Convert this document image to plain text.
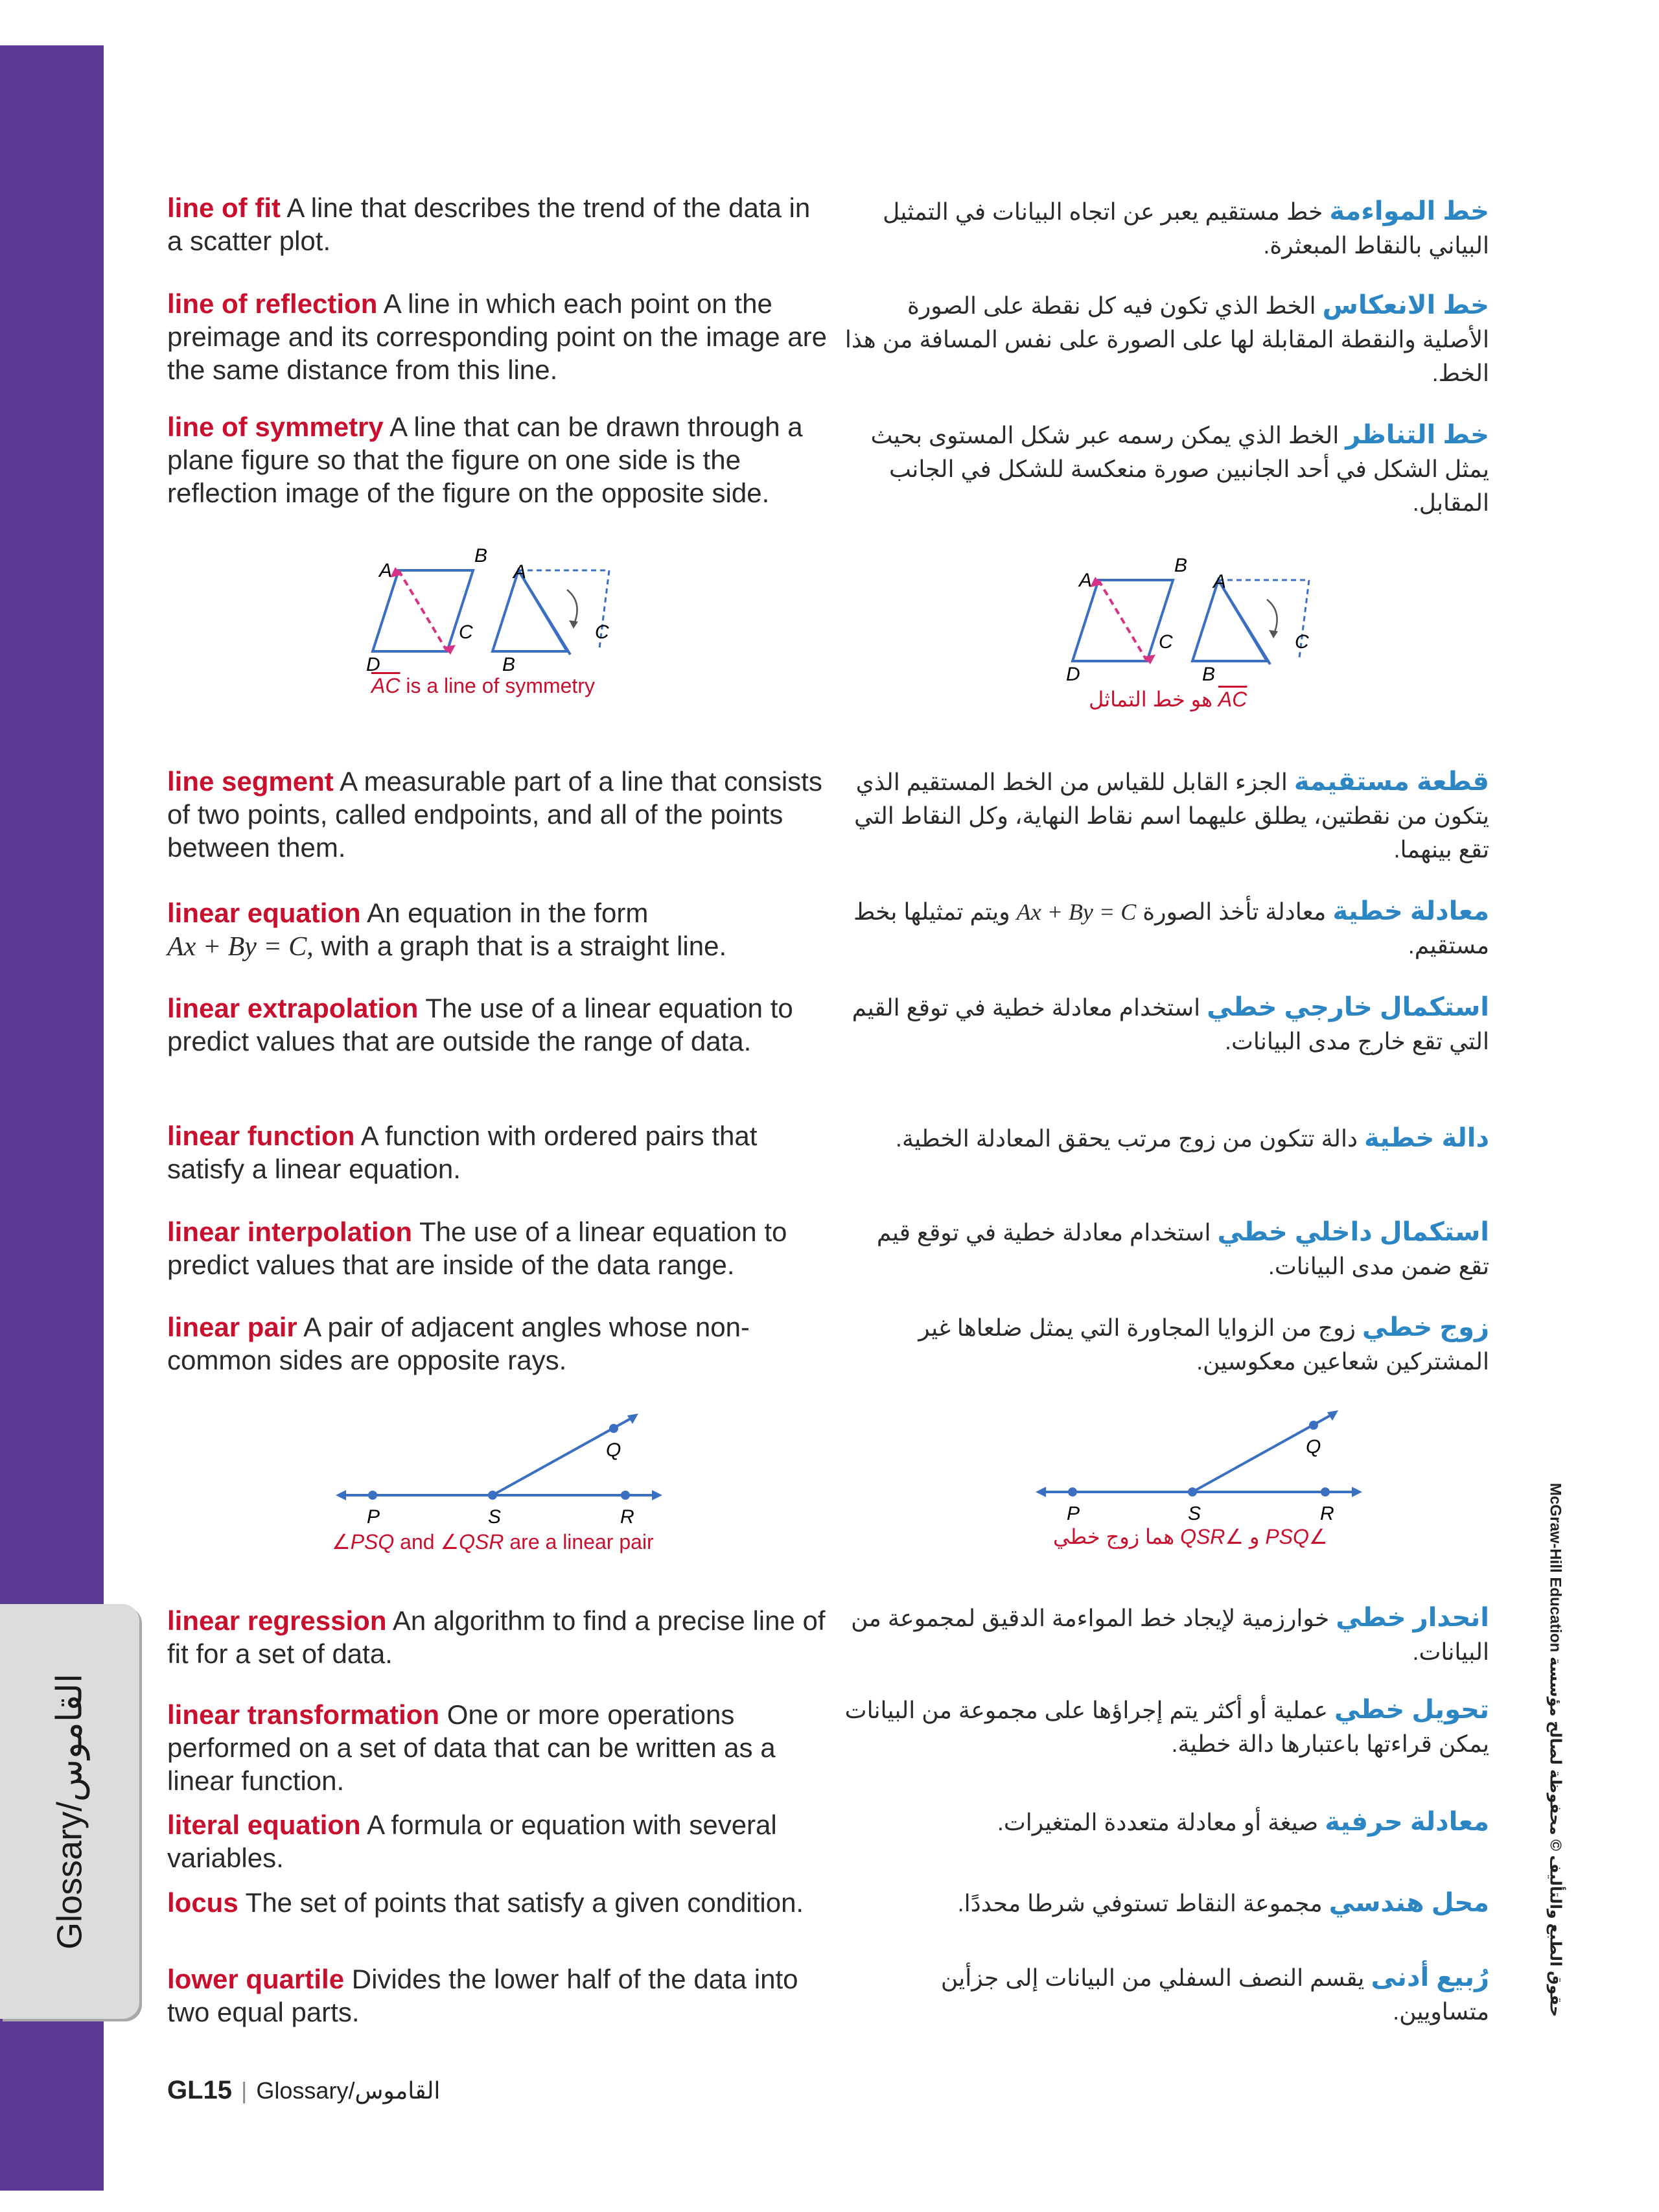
Glossary/القاموس
line of fit A line that describes the trend of the data in a scatter plot.
line of reflection A line in which each point on the preimage and its corresponding point on the image are the same distance from this line.
line of symmetry A line that can be drawn through a plane figure so that the figure on one side is the reflection image of the figure on the opposite side.
A
B
C
D
A
C
B
$\overline{AC}$ is a line of symmetry
line segment A measurable part of a line that consists of two points, called endpoints, and all of the points between them.
linear equation An equation in the form
Ax + By = C, with a graph that is a straight line.
linear extrapolation The use of a linear equation to predict values that are outside the range of data.
linear function A function with ordered pairs that satisfy a linear equation.
linear interpolation The use of a linear equation to predict values that are inside of the data range.
linear pair A pair of adjacent angles whose non-common sides are opposite rays.
P	S	R
Q
∠PSQ and ∠QSR are a linear pair
linear regression An algorithm to find a precise line of fit for a set of data.
linear transformation One or more operations performed on a set of data that can be written as a linear function.
literal equation A formula or equation with several variables.
locus The set of points that satisfy a given condition.
lower quartile Divides the lower half of the data into two equal parts.
خط المواءمة خط مستقيم يعبر عن اتجاه البيانات في التمثيل البياني بالنقاط المبعثرة.
خط الانعكاس الخط الذي تكون فيه كل نقطة على الصورة الأصلية والنقطة المقابلة لها على الصورة على نفس المسافة من هذا الخط.
خط التناظر الخط الذي يمكن رسمه عبر شكل المستوى بحيث يمثل الشكل في أحد الجانبين صورة منعكسة للشكل في الجانب المقابل.
A
B
C
D
A
C
B
AC هو خط التماثل
قطعة مستقيمة الجزء القابل للقياس من الخط المستقيم الذي يتكون من نقطتين، يطلق عليهما اسم نقاط النهاية، وكل النقاط التي تقع بينهما.
معادلة خطية معادلة تأخذ الصورة Ax + By = C ويتم تمثيلها بخط مستقيم.
استكمال خارجي خطي استخدام معادلة خطية في توقع القيم التي تقع خارج مدى البيانات.
دالة خطية دالة تتكون من زوج مرتب يحقق المعادلة الخطية.
استكمال داخلي خطي استخدام معادلة خطية في توقع قيم تقع ضمن مدى البيانات.
زوج خطي زوج من الزوايا المجاورة التي يمثل ضلعاها غير المشتركين شعاعين معكوسين.
P	S	R
Q
∠PSQ و ∠QSR هما زوج خطي
انحدار خطي خوارزمية لإيجاد خط المواءمة الدقيق لمجموعة من البيانات.
تحويل خطي عملية أو أكثر يتم إجراؤها على مجموعة من البيانات يمكن قراءتها باعتبارها دالة خطية.
معادلة حرفية صيغة أو معادلة متعددة المتغيرات.
محل هندسي مجموعة النقاط تستوفي شرطا محددًا.
رُبيع أدنى يقسم النصف السفلي من البيانات إلى جزأين متساويين.
McGraw-Hill Education حقوق الطبع والتأليف © محفوظة لصالح مؤسسة
GL15 | Glossary/القاموس
